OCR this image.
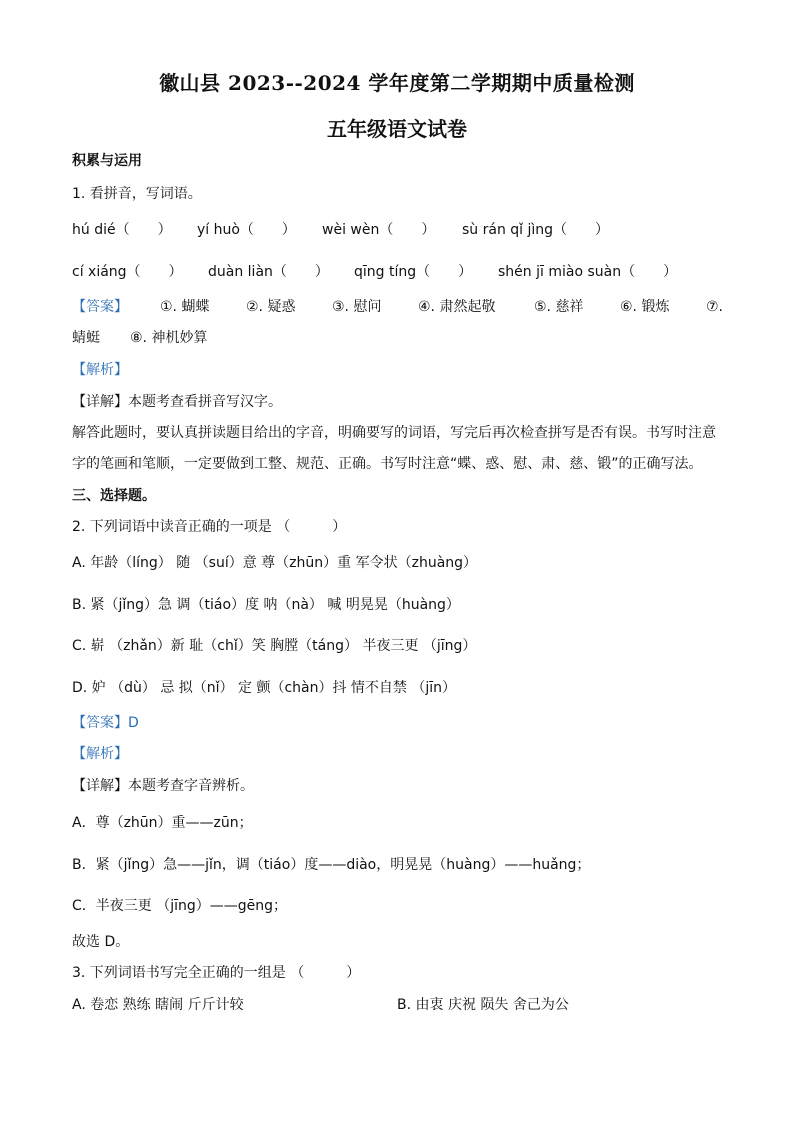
徽山县 2023--2024 学年度第二学期期中质量检测
五年级语文试卷
积累与运用
1. 看拼音，写词语。
hú dié（　　） yí huò（　　） wèi wèn（　　） sù rán qǐ jìng（　　）
cí xiáng（　　） duàn liàn（　　） qīng tíng（　　） shén jī miào suàn（　　）
【答案】 ①. 蝴蝶	②. 疑惑	③. 慰问	④. 肃然起敬	⑤. 慈祥	⑥. 锻炼	⑦.
蜻蜓 ⑧. 神机妙算
【解析】
【详解】本题考查看拼音写汉字。
解答此题时，要认真拼读题目给出的字音，明确要写的词语，写完后再次检查拼写是否有误。书写时注意
字的笔画和笔顺，一定要做到工整、规范、正确。书写时注意“蝶、惑、慰、肃、慈、锻”的正确写法。
三、选择题。
2. 下列词语中读音正确的一项是 （　　　）
A. 年龄（líng） 随 （suí）意 尊（zhūn）重 军令状（zhuàng）
B. 紧（jǐng）急 调（tiáo）度 呐（nà） 喊 明晃晃（huàng）
C. 崭 （zhǎn）新 耻（chǐ）笑 胸膛（táng） 半夜三更 （jīng）
D. 妒 （dù） 忌 拟（nǐ） 定 颤（chàn）抖 情不自禁 （jīn）
【答案】D
【解析】
【详解】本题考查字音辨析。
A．尊（zhūn）重——zūn；
B．紧（jǐng）急——jǐn，调（tiáo）度——diào，明晃晃（huàng）——huǎng；
C．半夜三更 （jīng）——gēng；
故选 D。
3. 下列词语书写完全正确的一组是 （　　　）
A. 卷恋 熟练 瞎闹 斤斤计较	B. 由衷 庆祝 陨失 舍己为公
